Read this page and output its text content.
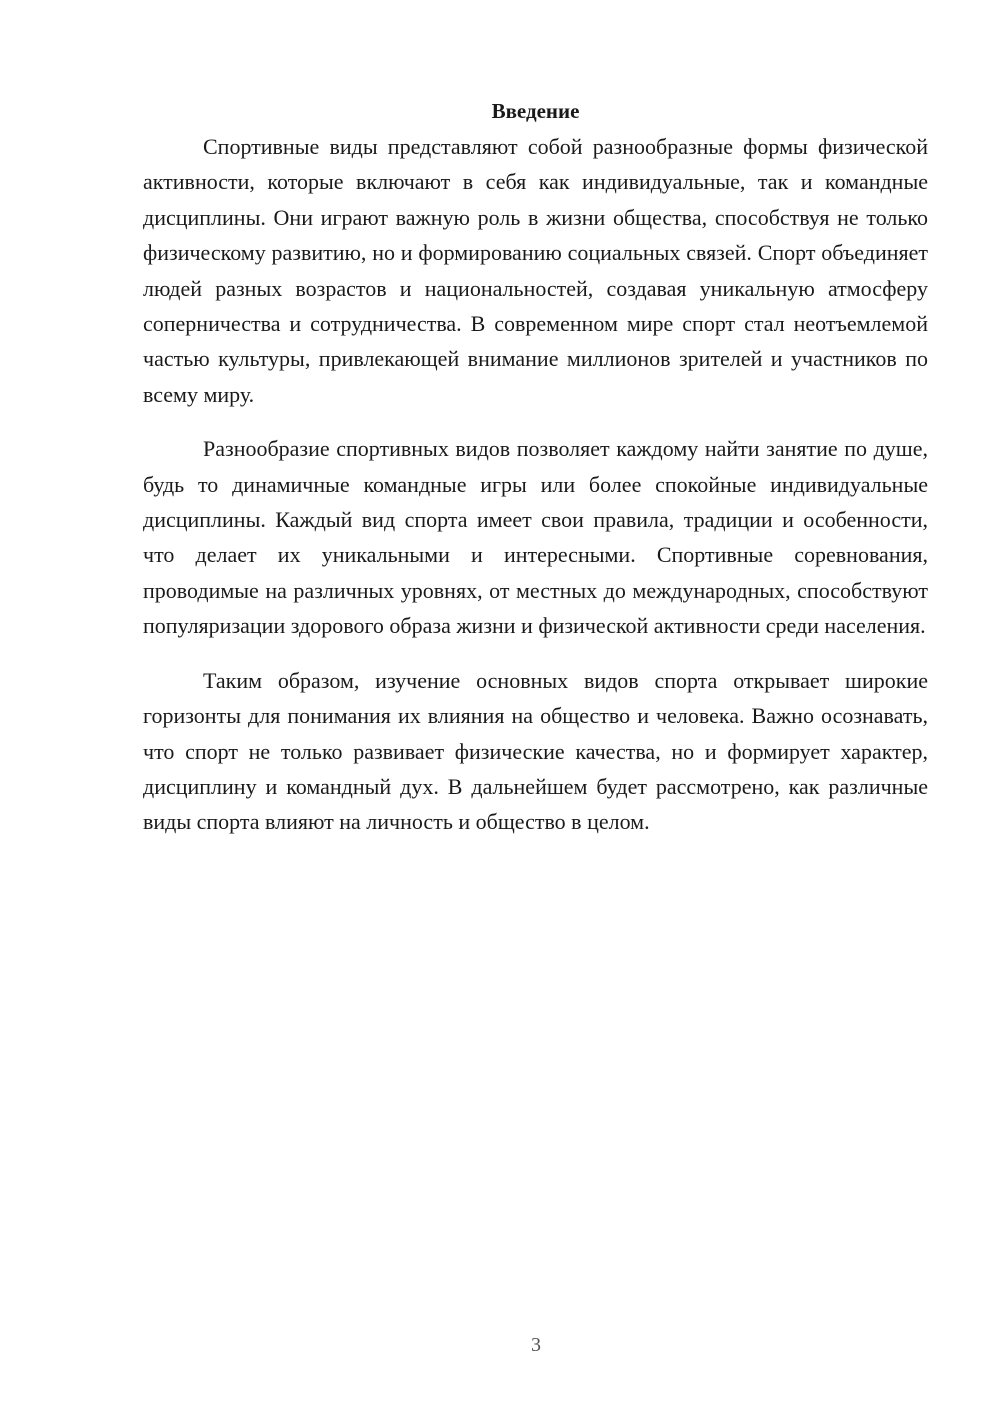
Введение

Спортивные виды представляют собой разнообразные формы физической активности, которые включают в себя как индивидуальные, так и командные дисциплины. Они играют важную роль в жизни общества, способствуя не только физическому развитию, но и формированию социальных связей. Спорт объединяет людей разных возрастов и национальностей, создавая уникальную атмосферу соперничества и сотрудничества. В современном мире спорт стал неотъемлемой частью культуры, привлекающей внимание миллионов зрителей и участников по всему миру.

Разнообразие спортивных видов позволяет каждому найти занятие по душе, будь то динамичные командные игры или более спокойные индивидуальные дисциплины. Каждый вид спорта имеет свои правила, традиции и особенности, что делает их уникальными и интересными. Спортивные соревнования, проводимые на различных уровнях, от местных до международных, способствуют популяризации здорового образа жизни и физической активности среди населения.

Таким образом, изучение основных видов спорта открывает широкие горизонты для понимания их влияния на общество и человека. Важно осознавать, что спорт не только развивает физические качества, но и формирует характер, дисциплину и командный дух. В дальнейшем будет рассмотрено, как различные виды спорта влияют на личность и общество в целом.

3
